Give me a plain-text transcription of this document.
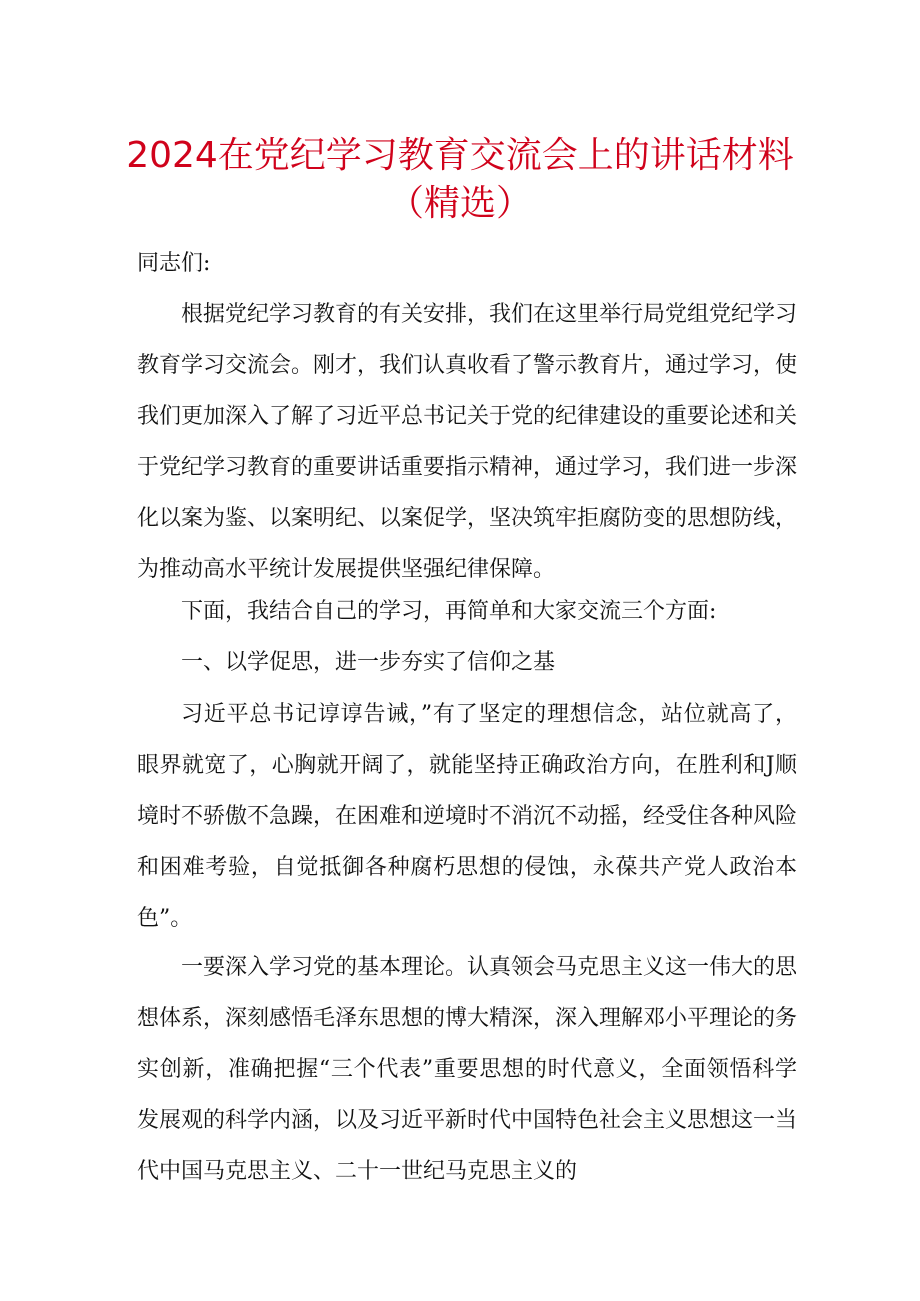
2024在党纪学习教育交流会上的讲话材料（精选）

同志们:

根据党纪学习教育的有关安排，我们在这里举行局党组党纪学习教育学习交流会。刚才，我们认真收看了警示教育片，通过学习，使我们更加深入了解了习近平总书记关于党的纪律建设的重要论述和关于党纪学习教育的重要讲话重要指示精神，通过学习，我们进一步深化以案为鉴、以案明纪、以案促学，坚决筑牢拒腐防变的思想防线，为推动高水平统计发展提供坚强纪律保障。

下面，我结合自己的学习，再简单和大家交流三个方面:

一、以学促思，进一步夯实了信仰之基

习近平总书记谆谆告诫，”有了坚定的理想信念，站位就高了，眼界就宽了，心胸就开阔了，就能坚持正确政治方向，在胜利和J顺境时不骄傲不急躁，在困难和逆境时不消沉不动摇，经受住各种风险和困难考验，自觉抵御各种腐朽思想的侵蚀，永葆共产党人政治本色”。

一要深入学习党的基本理论。认真领会马克思主义这一伟大的思想体系，深刻感悟毛泽东思想的博大精深，深入理解邓小平理论的务实创新，准确把握“三个代表”重要思想的时代意义，全面领悟科学发展观的科学内涵，以及习近平新时代中国特色社会主义思想这一当代中国马克思主义、二十一世纪马克思主义的
